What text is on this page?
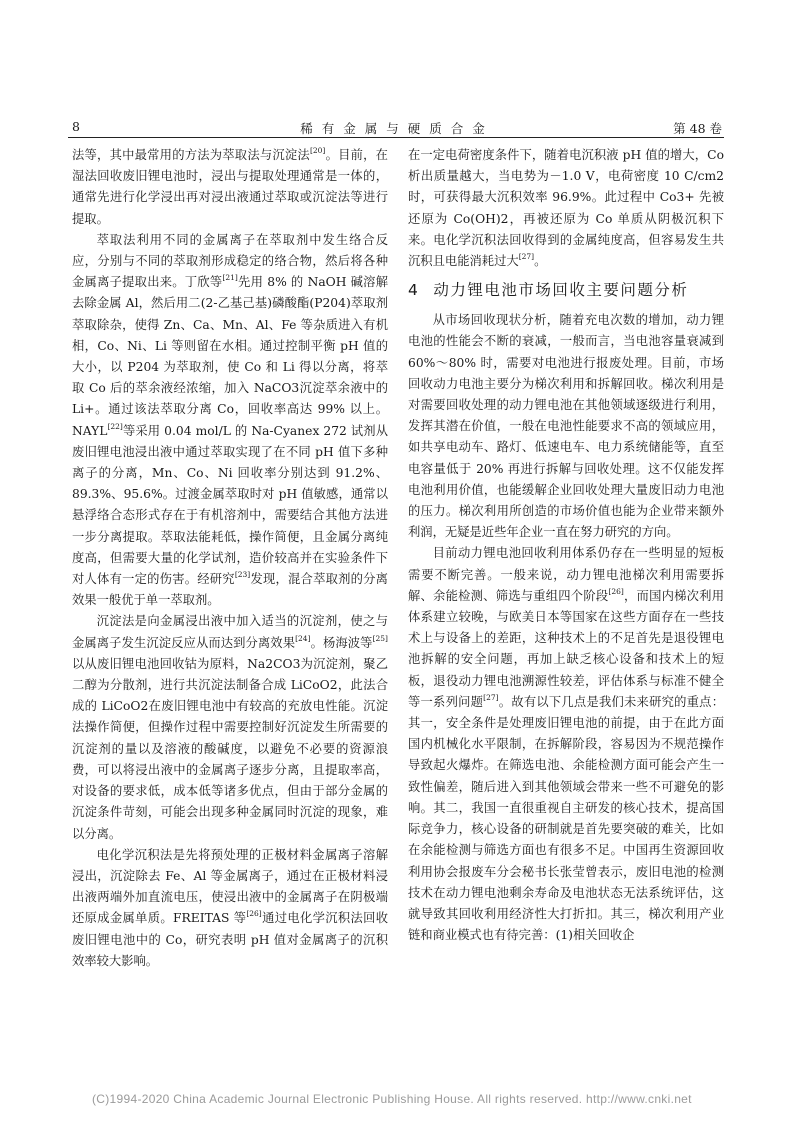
8	稀有金属与硬质合金	第 48 卷

法等，其中最常用的方法为萃取法与沉淀法[20]。目前，在湿法回收废旧锂电池时，浸出与提取处理通常是一体的，通常先进行化学浸出再对浸出液通过萃取或沉淀法等进行提取。

萃取法利用不同的金属离子在萃取剂中发生络合反应，分别与不同的萃取剂形成稳定的络合物，然后将各种金属离子提取出来。丁欣等[21]先用 8% 的 NaOH 碱溶解去除金属 Al，然后用二(2-乙基己基)磷酸酯(P204)萃取剂萃取除杂，使得 Zn、Ca、Mn、Al、Fe 等杂质进入有机相，Co、Ni、Li 等则留在水相。通过控制平衡 pH 值的大小，以 P204 为萃取剂，使 Co 和 Li 得以分离，将萃取 Co 后的萃余液经浓缩，加入 NaCO3沉淀萃余液中的 Li+。通过该法萃取分离 Co，回收率高达 99% 以上。NAYL[22]等采用 0.04 mol/L 的 Na-Cyanex 272 试剂从废旧锂电池浸出液中通过萃取实现了在不同 pH 值下多种离子的分离，Mn、Co、Ni 回收率分别达到 91.2%、89.3%、95.6%。过渡金属萃取时对 pH 值敏感，通常以悬浮络合态形式存在于有机溶剂中，需要结合其他方法进一步分离提取。萃取法能耗低，操作简便，且金属分离纯度高，但需要大量的化学试剂，造价较高并在实验条件下对人体有一定的伤害。经研究[23]发现，混合萃取剂的分离效果一般优于单一萃取剂。

沉淀法是向金属浸出液中加入适当的沉淀剂，使之与金属离子发生沉淀反应从而达到分离效果[24]。杨海波等[25]以从废旧锂电池回收钴为原料，Na2CO3为沉淀剂，聚乙二醇为分散剂，进行共沉淀法制备合成 LiCoO2，此法合成的 LiCoO2在废旧锂电池中有较高的充放电性能。沉淀法操作简便，但操作过程中需要控制好沉淀发生所需要的沉淀剂的量以及溶液的酸碱度，以避免不必要的资源浪费，可以将浸出液中的金属离子逐步分离，且提取率高，对设备的要求低，成本低等诸多优点，但由于部分金属的沉淀条件苛刻，可能会出现多种金属同时沉淀的现象，难以分离。

电化学沉积法是先将预处理的正极材料金属离子溶解浸出，沉淀除去 Fe、Al 等金属离子，通过在正极材料浸出液两端外加直流电压，使浸出液中的金属离子在阴极端还原成金属单质。FREITAS 等[26]通过电化学沉积法回收废旧锂电池中的 Co，研究表明 pH 值对金属离子的沉积效率较大影响。

在一定电荷密度条件下，随着电沉积液 pH 值的增大，Co 析出质量越大，当电势为－1.0 V，电荷密度 10 C/cm2时，可获得最大沉积效率 96.9%。此过程中 Co3+ 先被还原为 Co(OH)2，再被还原为 Co 单质从阴极沉积下来。电化学沉积法回收得到的金属纯度高，但容易发生共沉积且电能消耗过大[27]。

4 动力锂电池市场回收主要问题分析

从市场回收现状分析，随着充电次数的增加，动力锂电池的性能会不断的衰减，一般而言，当电池容量衰减到 60%～80% 时，需要对电池进行报废处理。目前，市场回收动力电池主要分为梯次利用和拆解回收。梯次利用是对需要回收处理的动力锂电池在其他领域逐级进行利用，发挥其潜在价值，一般在电池性能要求不高的领域应用，如共享电动车、路灯、低速电车、电力系统储能等，直至电容量低于 20% 再进行拆解与回收处理。这不仅能发挥电池利用价值，也能缓解企业回收处理大量废旧动力电池的压力。梯次利用所创造的市场价值也能为企业带来额外利润，无疑是近些年企业一直在努力研究的方向。

目前动力锂电池回收利用体系仍存在一些明显的短板需要不断完善。一般来说，动力锂电池梯次利用需要拆解、余能检测、筛选与重组四个阶段[26]，而国内梯次利用体系建立较晚，与欧美日本等国家在这些方面存在一些技术上与设备上的差距，这种技术上的不足首先是退役锂电池拆解的安全问题，再加上缺乏核心设备和技术上的短板，退役动力锂电池溯源性较差，评估体系与标准不健全等一系列问题[27]。故有以下几点是我们未来研究的重点：其一，安全条件是处理废旧锂电池的前提，由于在此方面国内机械化水平限制，在拆解阶段，容易因为不规范操作导致起火爆炸。在筛选电池、余能检测方面可能会产生一致性偏差，随后进入到其他领域会带来一些不可避免的影响。其二，我国一直很重视自主研发的核心技术，提高国际竞争力，核心设备的研制就是首先要突破的难关，比如在余能检测与筛选方面也有很多不足。中国再生资源回收利用协会报废车分会秘书长张莹曾表示，废旧电池的检测技术在动力锂电池剩余寿命及电池状态无法系统评估，这就导致其回收利用经济性大打折扣。其三，梯次利用产业链和商业模式也有待完善：(1)相关回收企

(C)1994-2020 China Academic Journal Electronic Publishing House. All rights reserved. http://www.cnki.net
